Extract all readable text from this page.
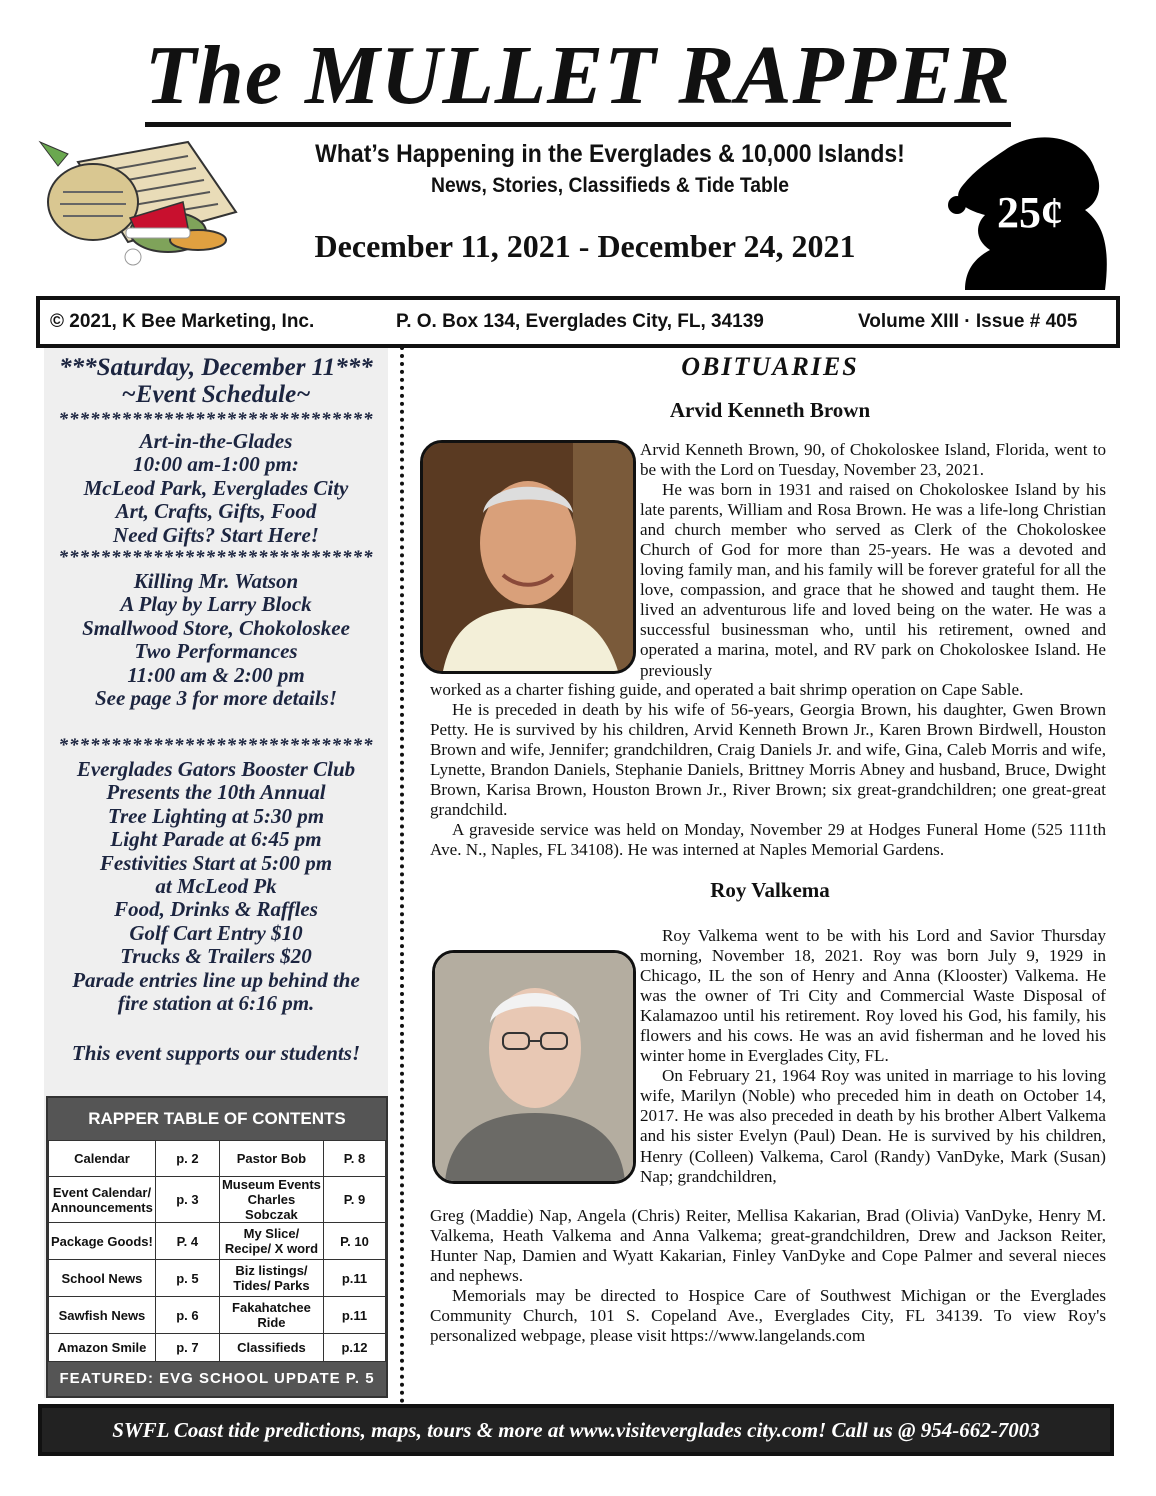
The MULLET RAPPER
25¢
What’s Happening in the Everglades & 10,000 Islands!
News, Stories, Classifieds & Tide Table
December 11, 2021 - December 24, 2021
© 2021, K Bee Marketing, Inc.	P. O. Box 134, Everglades City, FL, 34139	Volume XIII · Issue # 405
***Saturday, December 11***
~Event Schedule~
******************************
Art-in-the-Glades
10:00 am-1:00 pm:
McLeod Park, Everglades City
Art, Crafts, Gifts, Food
Need Gifts? Start Here!
******************************
Killing Mr. Watson
A Play by Larry Block
Smallwood Store, Chokoloskee
Two Performances
11:00 am & 2:00 pm
See page 3 for more details!
******************************
Everglades Gators Booster Club
Presents the 10th Annual
Tree Lighting at 5:30 pm
Light Parade at 6:45 pm
Festivities Start at 5:00 pm
at McLeod Pk
Food, Drinks & Raffles
Golf Cart Entry $10
Trucks & Trailers $20
Parade entries line up behind the
fire station at 6:16 pm.
This event supports our students!
RAPPER TABLE OF CONTENTS
Calendar	p. 2	Pastor Bob	P. 8
Event Calendar/ Announcements	p. 3	Museum Events Charles Sobczak	P. 9
Package Goods!	P. 4	My Slice/ Recipe/ X word	P. 10
School News	p. 5	Biz listings/ Tides/ Parks	p.11
Sawfish News	p. 6	Fakahatchee Ride	p.11
Amazon Smile	p. 7	Classifieds	p.12
FEATURED: EVG SCHOOL UPDATE P. 5
OBITUARIES
Arvid Kenneth Brown

Arvid Kenneth Brown, 90, of Chokoloskee Island, Florida, went to be with the Lord on Tuesday, November 23, 2021.

He was born in 1931 and raised on Chokoloskee Island by his late parents, William and Rosa Brown. He was a life-long Christian and church member who served as Clerk of the Chokoloskee Church of God for more than 25-years. He was a devoted and loving family man, and his family will be forever grateful for all the love, compassion, and grace that he showed and taught them. He lived an adventurous life and loved being on the water. He was a successful businessman who, until his retirement, owned and operated a marina, motel, and RV park on Chokoloskee Island. He previously

worked as a charter fishing guide, and operated a bait shrimp operation on Cape Sable.

He is preceded in death by his wife of 56-years, Georgia Brown, his daughter, Gwen Brown Petty. He is survived by his children, Arvid Kenneth Brown Jr., Karen Brown Birdwell, Houston Brown and wife, Jennifer; grandchildren, Craig Daniels Jr. and wife, Gina, Caleb Morris and wife, Lynette, Brandon Daniels, Stephanie Daniels, Brittney Morris Abney and husband, Bruce, Dwight Brown, Karisa Brown, Houston Brown Jr., River Brown; six great-grandchildren; one great-great grandchild.

A graveside service was held on Monday, November 29 at Hodges Funeral Home (525 111th Ave. N., Naples, FL 34108). He was interned at Naples Memorial Gardens.

Roy Valkema

Roy Valkema went to be with his Lord and Savior Thursday morning, November 18, 2021. Roy was born July 9, 1929 in Chicago, IL the son of Henry and Anna (Klooster) Valkema. He was the owner of Tri City and Commercial Waste Disposal of Kalamazoo until his retirement. Roy loved his God, his family, his flowers and his cows. He was an avid fisherman and he loved his winter home in Everglades City, FL.

On February 21, 1964 Roy was united in marriage to his loving wife, Marilyn (Noble) who preceded him in death on October 14, 2017. He was also preceded in death by his brother Albert Valkema and his sister Evelyn (Paul) Dean. He is survived by his children, Henry (Colleen) Valkema, Carol (Randy) VanDyke, Mark (Susan) Nap; grandchildren,

Greg (Maddie) Nap, Angela (Chris) Reiter, Mellisa Kakarian, Brad (Olivia) VanDyke, Henry M. Valkema, Heath Valkema and Anna Valkema; great-grandchildren, Drew and Jackson Reiter, Hunter Nap, Damien and Wyatt Kakarian, Finley VanDyke and Cope Palmer and several nieces and nephews.

Memorials may be directed to Hospice Care of Southwest Michigan or the Everglades Community Church, 101 S. Copeland Ave., Everglades City, FL 34139. To view Roy's personalized webpage, please visit https://www.langelands.com

SWFL Coast tide predictions, maps, tours & more at www.visiteverglades city.com! Call us @ 954-662-7003
